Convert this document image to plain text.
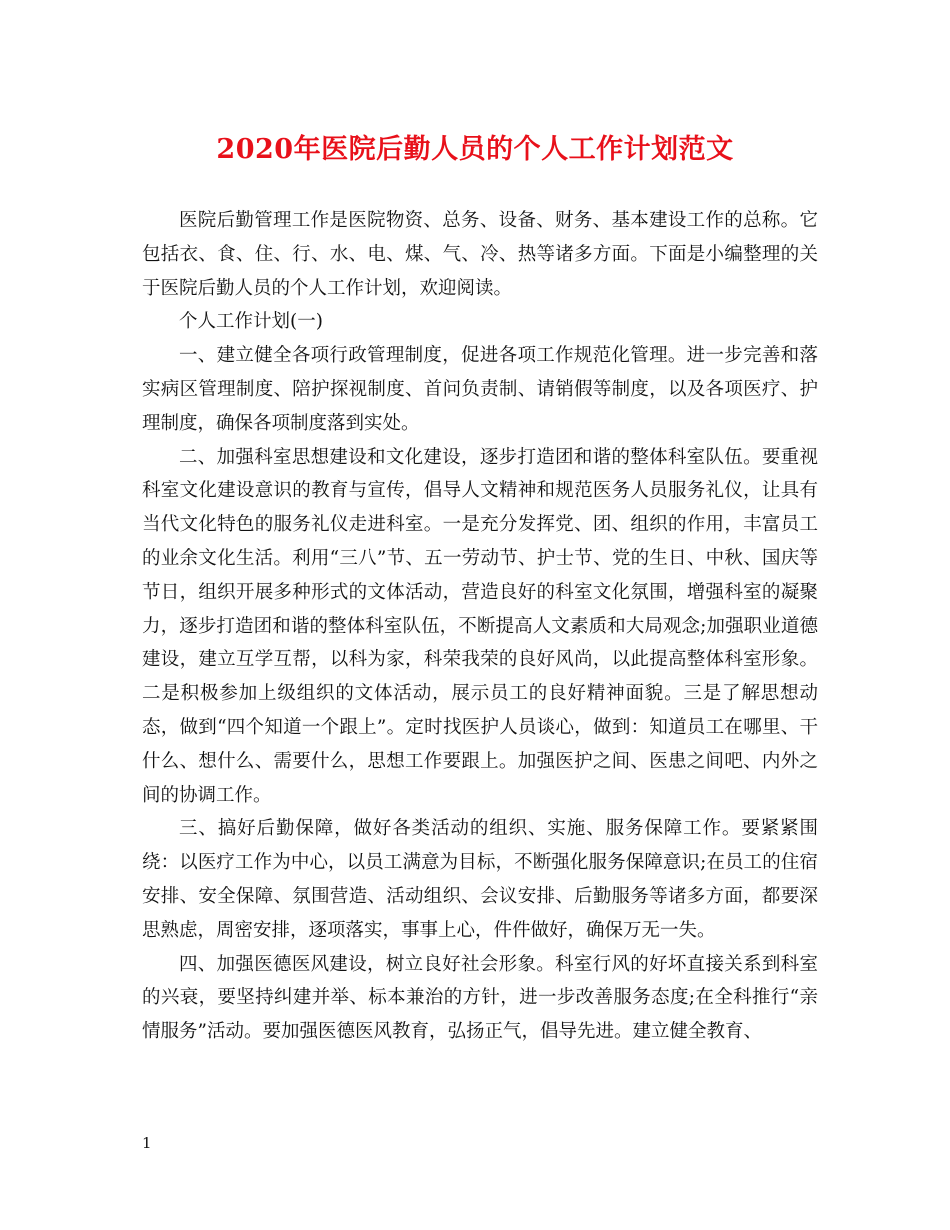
2020年医院后勤人员的个人工作计划范文

医院后勤管理工作是医院物资、总务、设备、财务、基本建设工作的总称。它包括衣、食、住、行、水、电、煤、气、冷、热等诸多方面。下面是小编整理的关于医院后勤人员的个人工作计划，欢迎阅读。

个人工作计划(一)

一、建立健全各项行政管理制度，促进各项工作规范化管理。进一步完善和落实病区管理制度、陪护探视制度、首问负责制、请销假等制度，以及各项医疗、护理制度，确保各项制度落到实处。

二、加强科室思想建设和文化建设，逐步打造团和谐的整体科室队伍。要重视科室文化建设意识的教育与宣传，倡导人文精神和规范医务人员服务礼仪，让具有当代文化特色的服务礼仪走进科室。一是充分发挥党、团、组织的作用，丰富员工的业余文化生活。利用“三八”节、五一劳动节、护士节、党的生日、中秋、国庆等节日，组织开展多种形式的文体活动，营造良好的科室文化氛围，增强科室的凝聚力，逐步打造团和谐的整体科室队伍，不断提高人文素质和大局观念;加强职业道德建设，建立互学互帮，以科为家，科荣我荣的良好风尚，以此提高整体科室形象。二是积极参加上级组织的文体活动，展示员工的良好精神面貌。三是了解思想动态，做到“四个知道一个跟上”。定时找医护人员谈心，做到：知道员工在哪里、干什么、想什么、需要什么，思想工作要跟上。加强医护之间、医患之间吧、内外之间的协调工作。

三、搞好后勤保障，做好各类活动的组织、实施、服务保障工作。要紧紧围绕：以医疗工作为中心，以员工满意为目标，不断强化服务保障意识;在员工的住宿安排、安全保障、氛围营造、活动组织、会议安排、后勤服务等诸多方面，都要深思熟虑，周密安排，逐项落实，事事上心，件件做好，确保万无一失。

四、加强医德医风建设，树立良好社会形象。科室行风的好坏直接关系到科室的兴衰，要坚持纠建并举、标本兼治的方针，进一步改善服务态度;在全科推行“亲情服务”活动。要加强医德医风教育，弘扬正气，倡导先进。建立健全教育、

1
